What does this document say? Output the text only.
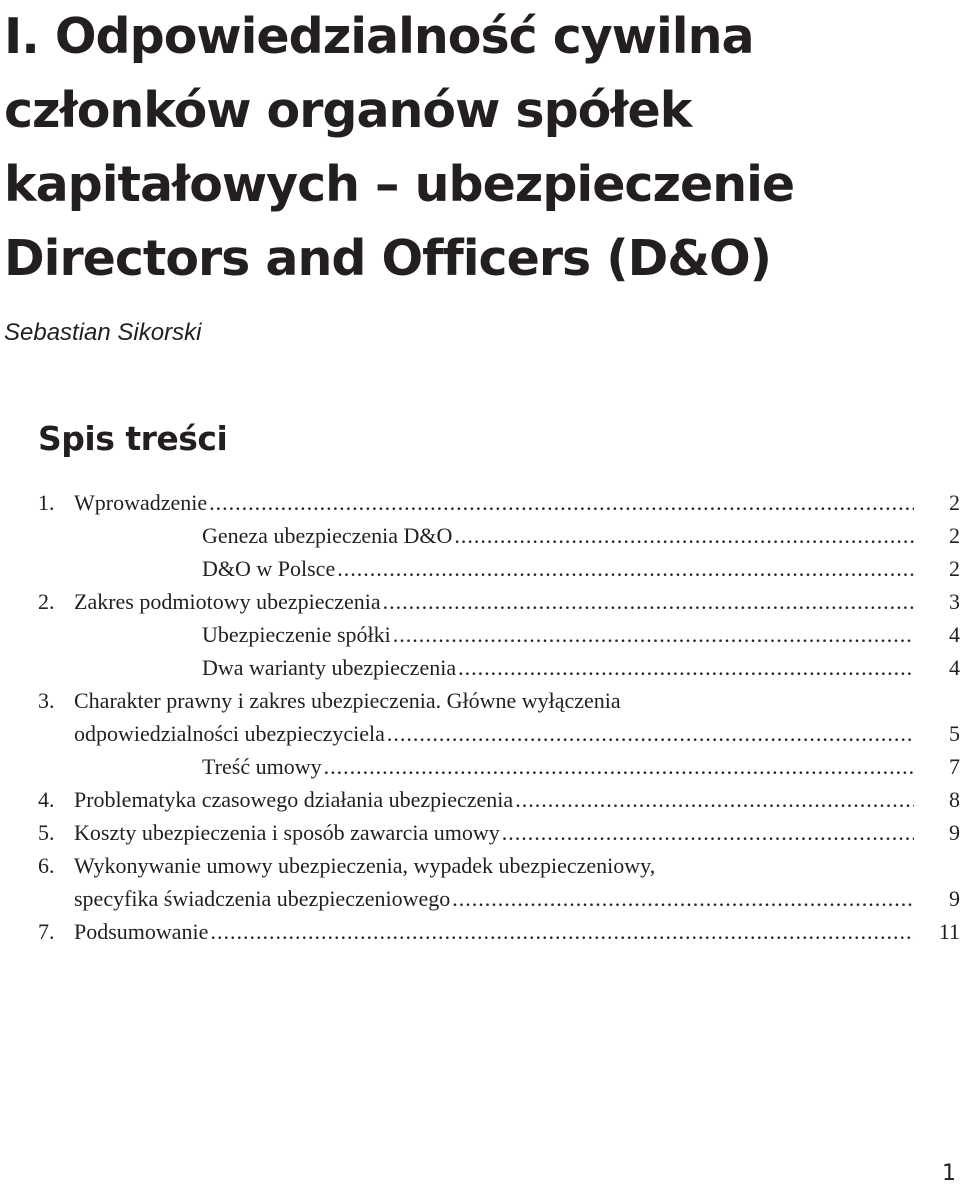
I. Odpowiedzialność cywilna
członków organów spółek
kapitałowych – ubezpieczenie
Directors and Officers (D&O)
Sebastian Sikorski
Spis treści
1. Wprowadzenie .....	2
Geneza ubezpieczenia D&O .....	2
D&O w Polsce .....	2
2. Zakres podmiotowy ubezpieczenia .....	3
Ubezpieczenie spółki .....	4
Dwa warianty ubezpieczenia .....	4
3. Charakter prawny i zakres ubezpieczenia. Główne wyłączenia
odpowiedzialności ubezpieczyciela .....	5
Treść umowy .....	7
4. Problematyka czasowego działania ubezpieczenia .....	8
5. Koszty ubezpieczenia i sposób zawarcia umowy .....	9
6. Wykonywanie umowy ubezpieczenia, wypadek ubezpieczeniowy,
specyfika świadczenia ubezpieczeniowego .....	9
7. Podsumowanie .....	11
1
